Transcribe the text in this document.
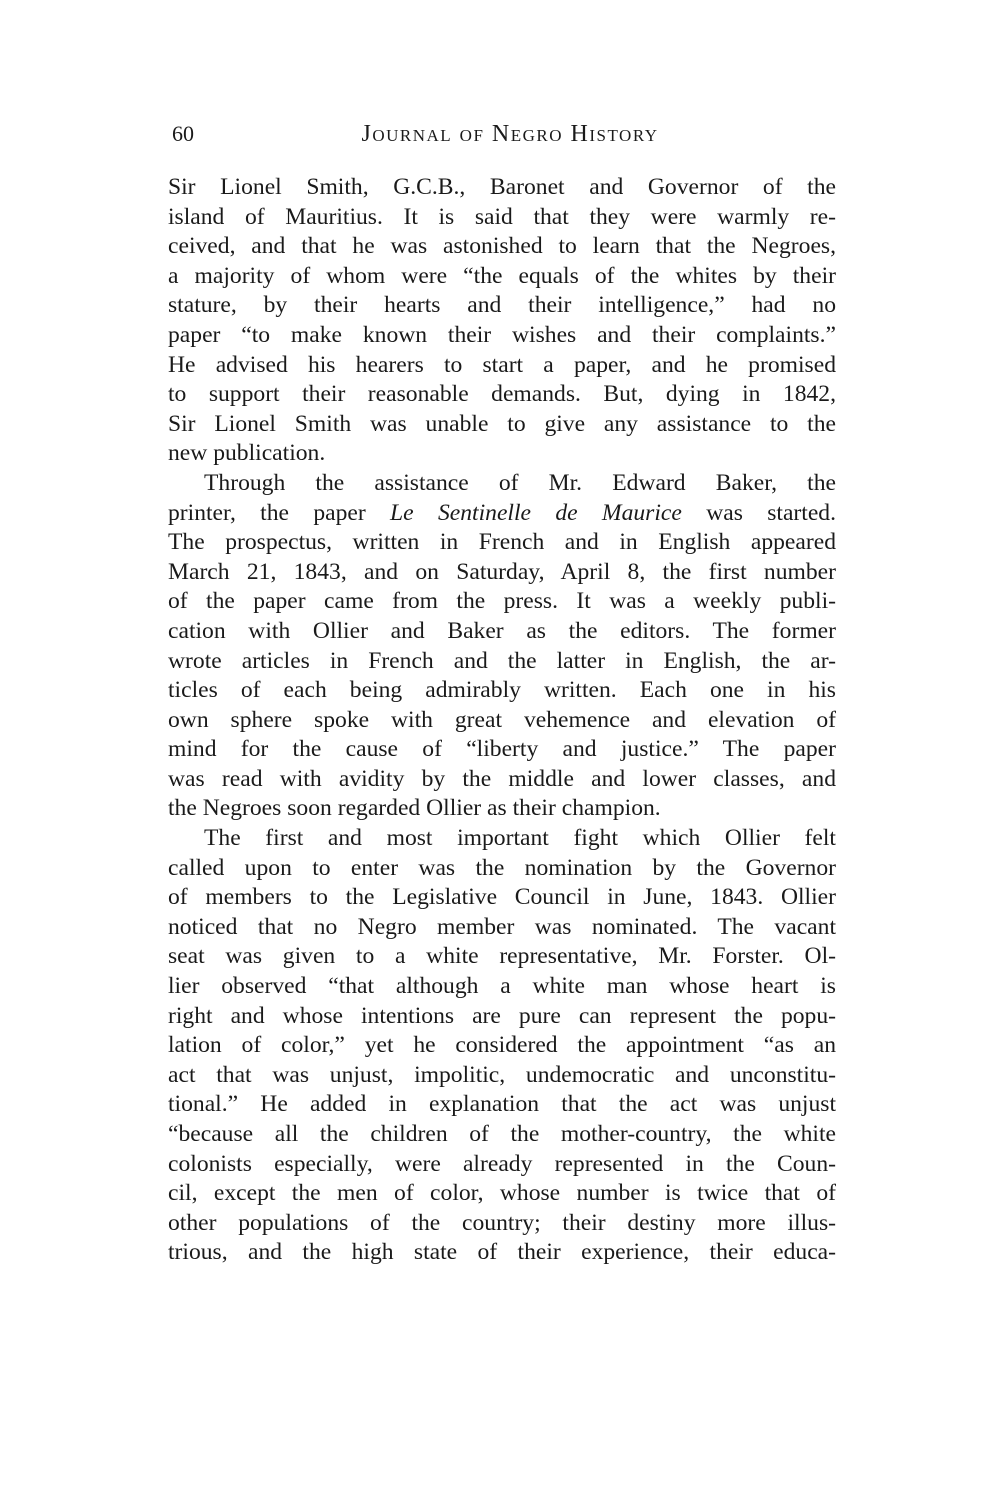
60	Journal of Negro History
Sir Lionel Smith, G.C.B., Baronet and Governor of the
island of Mauritius. It is said that they were warmly re-
ceived, and that he was astonished to learn that the Negroes,
a majority of whom were “the equals of the whites by their
stature, by their hearts and their intelligence,” had no
paper “to make known their wishes and their complaints.”
He advised his hearers to start a paper, and he promised
to support their reasonable demands. But, dying in 1842,
Sir Lionel Smith was unable to give any assistance to the
new publication.
Through the assistance of Mr. Edward Baker, the
printer, the paper Le Sentinelle de Maurice was started.
The prospectus, written in French and in English appeared
March 21, 1843, and on Saturday, April 8, the first number
of the paper came from the press. It was a weekly publi-
cation with Ollier and Baker as the editors. The former
wrote articles in French and the latter in English, the ar-
ticles of each being admirably written. Each one in his
own sphere spoke with great vehemence and elevation of
mind for the cause of “liberty and justice.” The paper
was read with avidity by the middle and lower classes, and
the Negroes soon regarded Ollier as their champion.
The first and most important fight which Ollier felt
called upon to enter was the nomination by the Governor
of members to the Legislative Council in June, 1843. Ollier
noticed that no Negro member was nominated. The vacant
seat was given to a white representative, Mr. Forster. Ol-
lier observed “that although a white man whose heart is
right and whose intentions are pure can represent the popu-
lation of color,” yet he considered the appointment “as an
act that was unjust, impolitic, undemocratic and unconstitu-
tional.” He added in explanation that the act was unjust
“because all the children of the mother-country, the white
colonists especially, were already represented in the Coun-
cil, except the men of color, whose number is twice that of
other populations of the country; their destiny more illus-
trious, and the high state of their experience, their educa-
